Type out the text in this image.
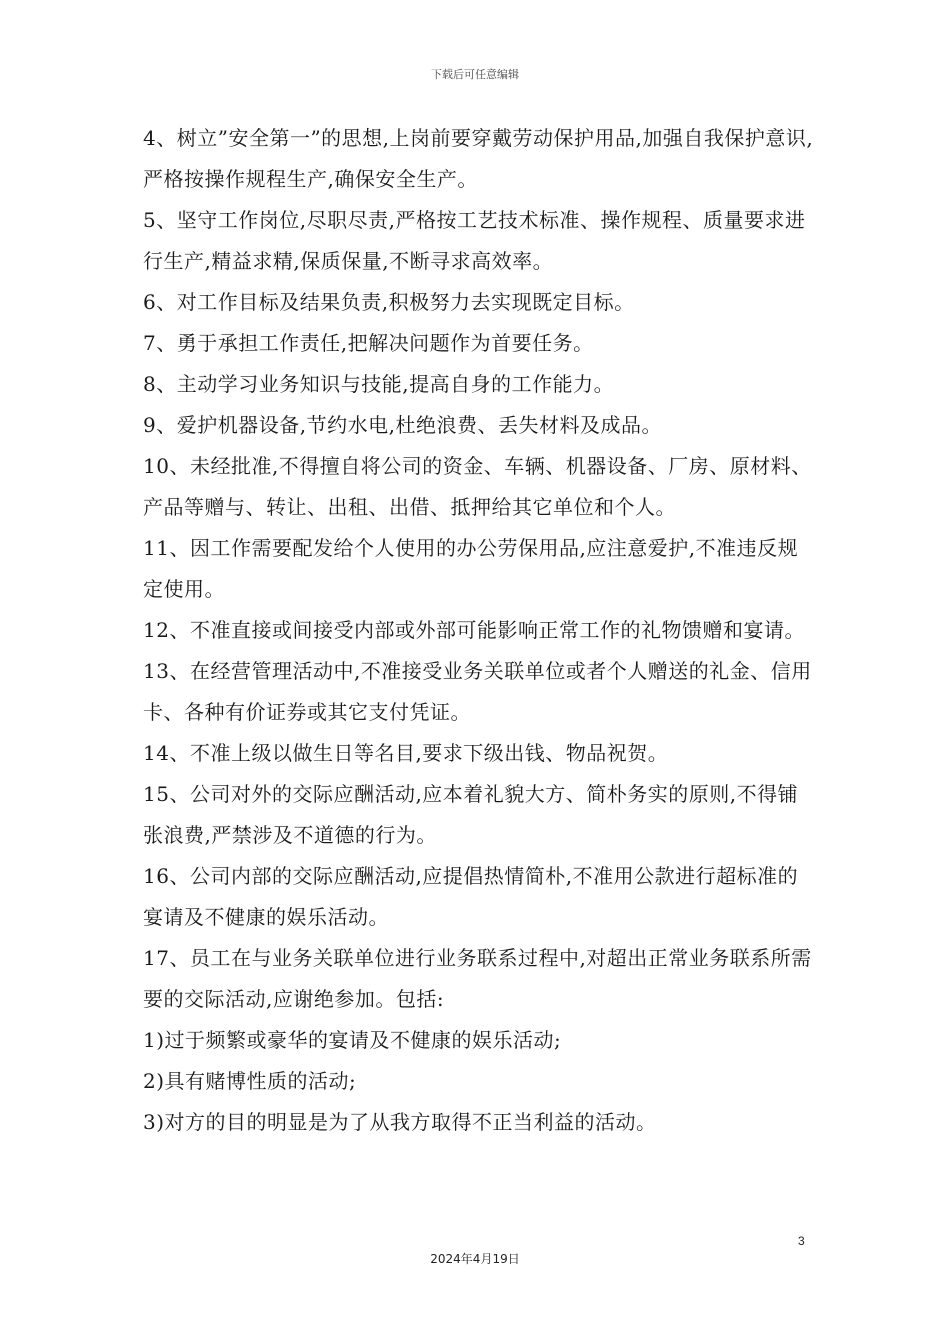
下载后可任意编辑

4、树立”安全第一”的思想,上岗前要穿戴劳动保护用品,加强自我保护意识,严格按操作规程生产,确保安全生产。

5、坚守工作岗位,尽职尽责,严格按工艺技术标准、操作规程、质量要求进行生产,精益求精,保质保量,不断寻求高效率。

6、对工作目标及结果负责,积极努力去实现既定目标。

7、勇于承担工作责任,把解决问题作为首要任务。

8、主动学习业务知识与技能,提高自身的工作能力。

9、爱护机器设备,节约水电,杜绝浪费、丢失材料及成品。

10、未经批准,不得擅自将公司的资金、车辆、机器设备、厂房、原材料、产品等赠与、转让、出租、出借、抵押给其它单位和个人。

11、因工作需要配发给个人使用的办公劳保用品,应注意爱护,不准违反规定使用。

12、不准直接或间接受内部或外部可能影响正常工作的礼物馈赠和宴请。

13、在经营管理活动中,不准接受业务关联单位或者个人赠送的礼金、信用卡、各种有价证券或其它支付凭证。

14、不准上级以做生日等名目,要求下级出钱、物品祝贺。

15、公司对外的交际应酬活动,应本着礼貌大方、简朴务实的原则,不得铺张浪费,严禁涉及不道德的行为。

16、公司内部的交际应酬活动,应提倡热情简朴,不准用公款进行超标准的宴请及不健康的娱乐活动。

17、员工在与业务关联单位进行业务联系过程中,对超出正常业务联系所需要的交际活动,应谢绝参加。包括:

1)过于频繁或豪华的宴请及不健康的娱乐活动;

2)具有赌博性质的活动;

3)对方的目的明显是为了从我方取得不正当利益的活动。

3
2024年4月19日
